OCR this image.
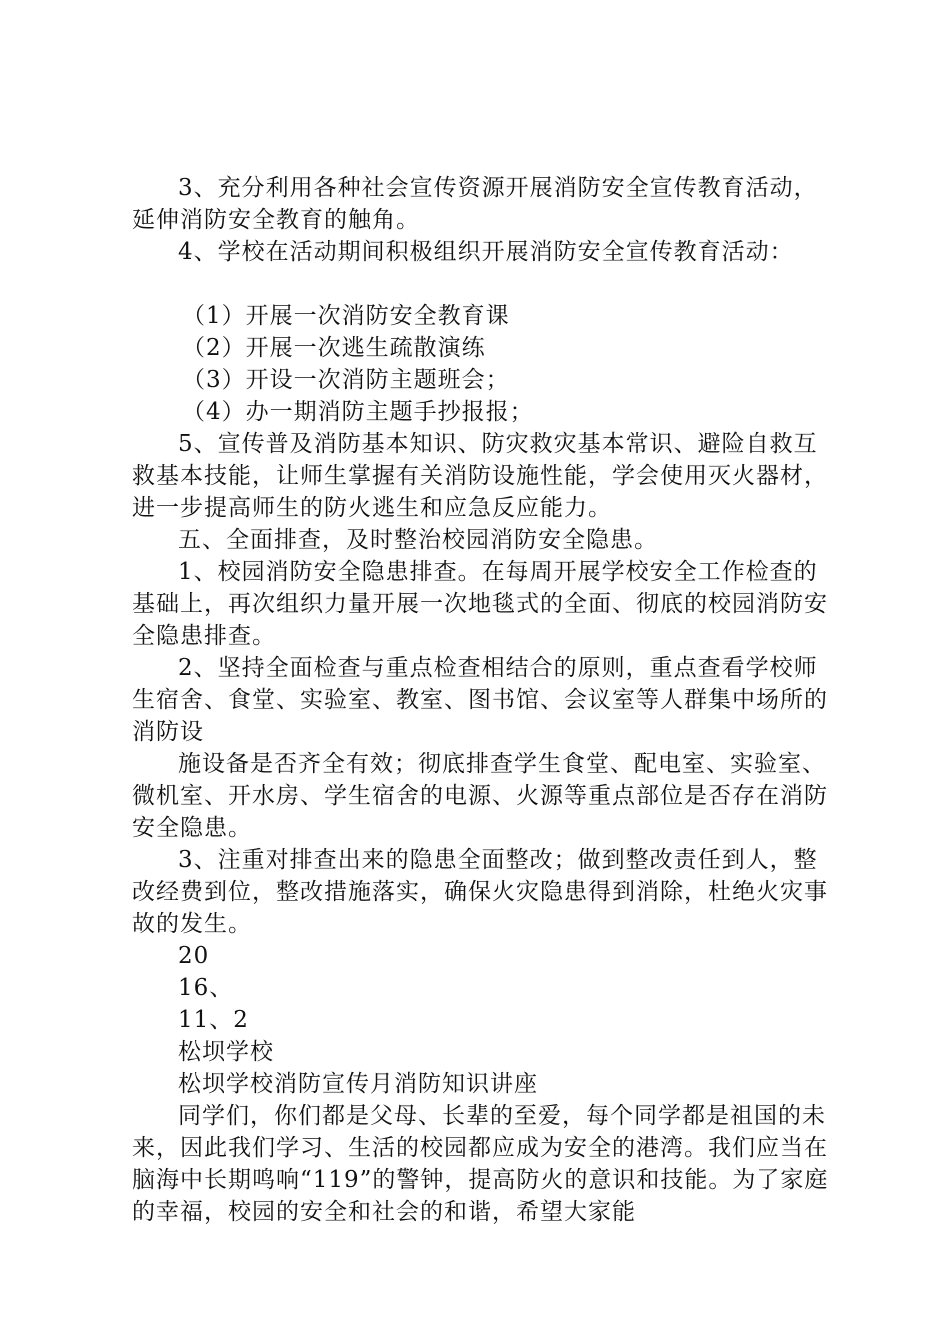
3、充分利用各种社会宣传资源开展消防安全宣传教育活动，延伸消防安全教育的触角。

4、学校在活动期间积极组织开展消防安全宣传教育活动：

（1）开展一次消防安全教育课

（2）开展一次逃生疏散演练

（3）开设一次消防主题班会；

（4）办一期消防主题手抄报报；

5、宣传普及消防基本知识、防灾救灾基本常识、避险自救互救基本技能，让师生掌握有关消防设施性能，学会使用灭火器材，进一步提高师生的防火逃生和应急反应能力。

五、全面排查，及时整治校园消防安全隐患。

1、校园消防安全隐患排查。在每周开展学校安全工作检查的基础上，再次组织力量开展一次地毯式的全面、彻底的校园消防安全隐患排查。

2、坚持全面检查与重点检查相结合的原则，重点查看学校师生宿舍、食堂、实验室、教室、图书馆、会议室等人群集中场所的消防设

施设备是否齐全有效；彻底排查学生食堂、配电室、实验室、微机室、开水房、学生宿舍的电源、火源等重点部位是否存在消防安全隐患。

3、注重对排查出来的隐患全面整改；做到整改责任到人，整改经费到位，整改措施落实，确保火灾隐患得到消除，杜绝火灾事故的发生。

20

16、

11、2

松坝学校

松坝学校消防宣传月消防知识讲座

同学们，你们都是父母、长辈的至爱，每个同学都是祖国的未来，因此我们学习、生活的校园都应成为安全的港湾。我们应当在脑海中长期鸣响“119”的警钟，提高防火的意识和技能。为了家庭的幸福，校园的安全和社会的和谐，希望大家能
